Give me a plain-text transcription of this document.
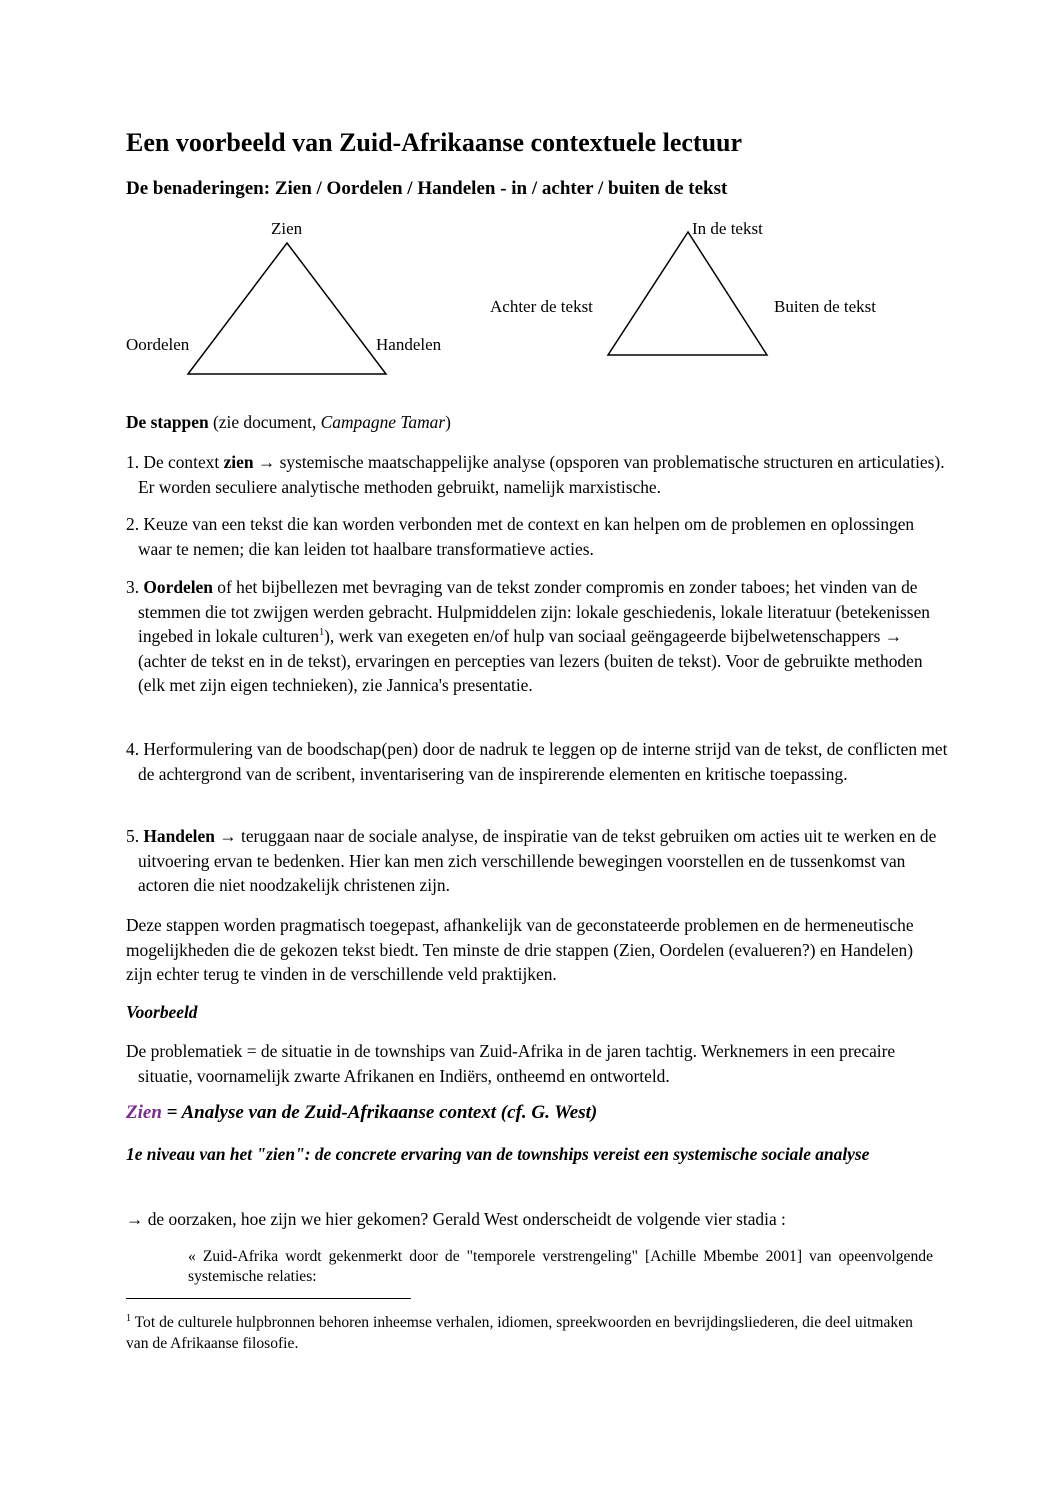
Een voorbeeld van Zuid-Afrikaanse contextuele lectuur
De benaderingen: Zien / Oordelen / Handelen - in / achter / buiten de tekst
Zien
Oordelen	Handelen
In de tekst
Achter de tekst	Buiten de tekst

De stappen (zie document, Campagne Tamar)

1. De context zien → systemische maatschappelijke analyse (opsporen van problematische structuren en articulaties). Er worden seculiere analytische methoden gebruikt, namelijk marxistische.

2. Keuze van een tekst die kan worden verbonden met de context en kan helpen om de problemen en oplossingen waar te nemen; die kan leiden tot haalbare transformatieve acties.

3. Oordelen of het bijbellezen met bevraging van de tekst zonder compromis en zonder taboes; het vinden van de stemmen die tot zwijgen werden gebracht. Hulpmiddelen zijn: lokale geschiedenis, lokale literatuur (betekenissen ingebed in lokale culturen$^1$), werk van exegeten en/of hulp van sociaal geëngageerde bijbelwetenschappers → (achter de tekst en in de tekst), ervaringen en percepties van lezers (buiten de tekst). Voor de gebruikte methoden (elk met zijn eigen technieken), zie Jannica's presentatie.

4. Herformulering van de boodschap(pen) door de nadruk te leggen op de interne strijd van de tekst, de conflicten met de achtergrond van de scribent, inventarisering van de inspirerende elementen en kritische toepassing.

5. Handelen → teruggaan naar de sociale analyse, de inspiratie van de tekst gebruiken om acties uit te werken en de uitvoering ervan te bedenken. Hier kan men zich verschillende bewegingen voorstellen en de tussenkomst van actoren die niet noodzakelijk christenen zijn.

Deze stappen worden pragmatisch toegepast, afhankelijk van de geconstateerde problemen en de hermeneutische mogelijkheden die de gekozen tekst biedt. Ten minste de drie stappen (Zien, Oordelen (evalueren?) en Handelen) zijn echter terug te vinden in de verschillende veld praktijken.

Voorbeeld

De problematiek = de situatie in de townships van Zuid-Afrika in de jaren tachtig. Werknemers in een precaire situatie, voornamelijk zwarte Afrikanen en Indiërs, ontheemd en ontworteld.

Zien = Analyse van de Zuid-Afrikaanse context (cf. G. West)

1e niveau van het "zien": de concrete ervaring van de townships vereist een systemische sociale analyse

→ de oorzaken, hoe zijn we hier gekomen? Gerald West onderscheidt de volgende vier stadia :

« Zuid-Afrika wordt gekenmerkt door de "temporele verstrengeling" [Achille Mbembe 2001] van opeenvolgende systemische relaties:
$^1$ Tot de culturele hulpbronnen behoren inheemse verhalen, idiomen, spreekwoorden en bevrijdingsliederen, die deel uitmaken van de Afrikaanse filosofie.
